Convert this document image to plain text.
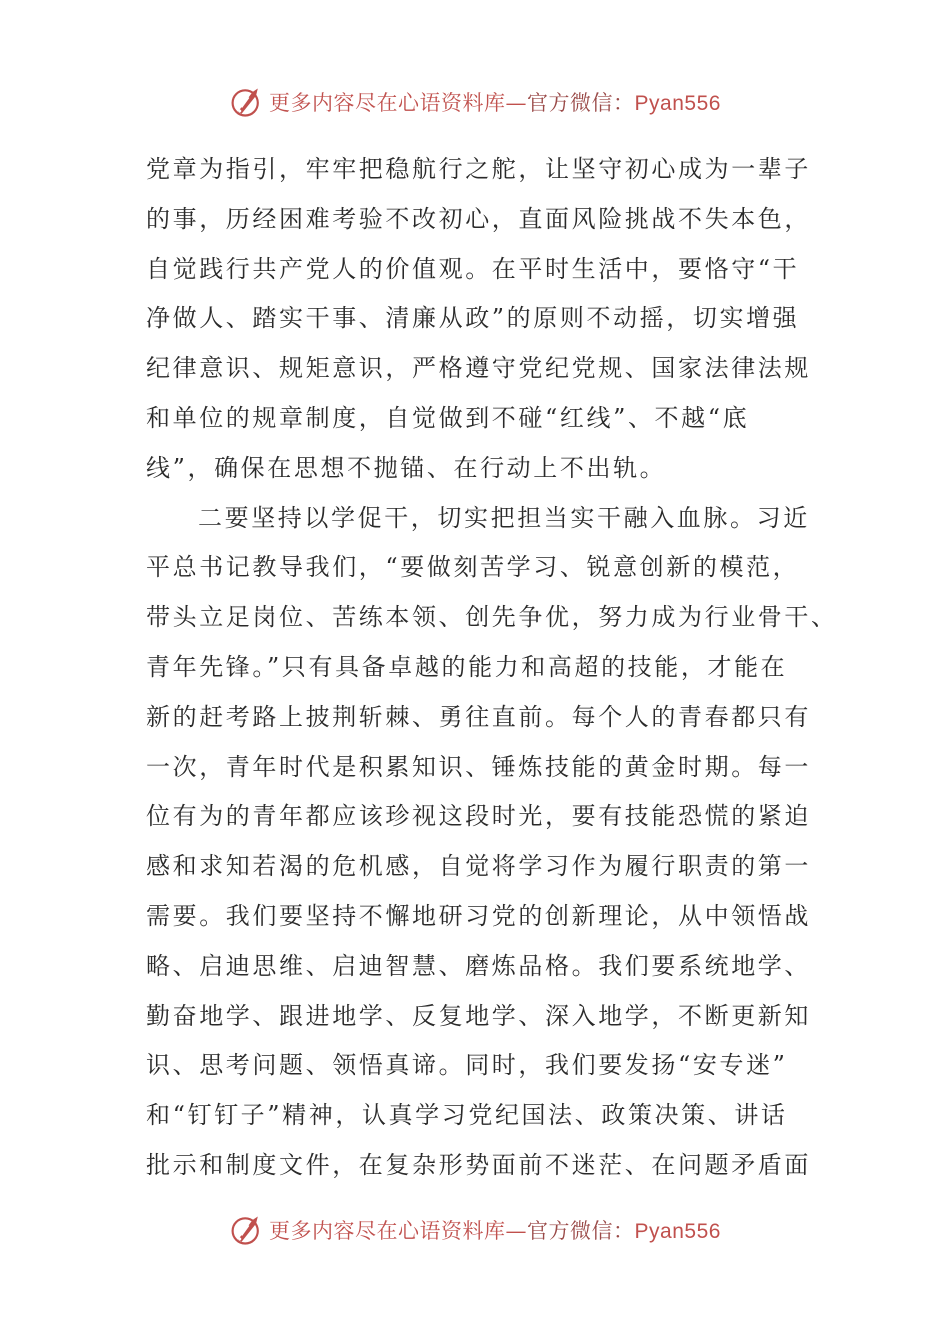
更多内容尽在心语资料库—官方微信：Pyan556
党章为指引，牢牢把稳航行之舵，让坚守初心成为一辈子
的事，历经困难考验不改初心，直面风险挑战不失本色，
自觉践行共产党人的价值观。在平时生活中，要恪守“干
净做人、踏实干事、清廉从政”的原则不动摇，切实增强
纪律意识、规矩意识，严格遵守党纪党规、国家法律法规
和单位的规章制度，自觉做到不碰“红线”、不越“底
线”，确保在思想不抛锚、在行动上不出轨。
二要坚持以学促干，切实把担当实干融入血脉。习近
平总书记教导我们，“要做刻苦学习、锐意创新的模范，
带头立足岗位、苦练本领、创先争优，努力成为行业骨干、
青年先锋。”只有具备卓越的能力和高超的技能，才能在
新的赶考路上披荆斩棘、勇往直前。每个人的青春都只有
一次，青年时代是积累知识、锤炼技能的黄金时期。每一
位有为的青年都应该珍视这段时光，要有技能恐慌的紧迫
感和求知若渴的危机感，自觉将学习作为履行职责的第一
需要。我们要坚持不懈地研习党的创新理论，从中领悟战
略、启迪思维、启迪智慧、磨炼品格。我们要系统地学、
勤奋地学、跟进地学、反复地学、深入地学，不断更新知
识、思考问题、领悟真谛。同时，我们要发扬“安专迷”
和“钉钉子”精神，认真学习党纪国法、政策决策、讲话
批示和制度文件，在复杂形势面前不迷茫、在问题矛盾面
更多内容尽在心语资料库—官方微信：Pyan556
